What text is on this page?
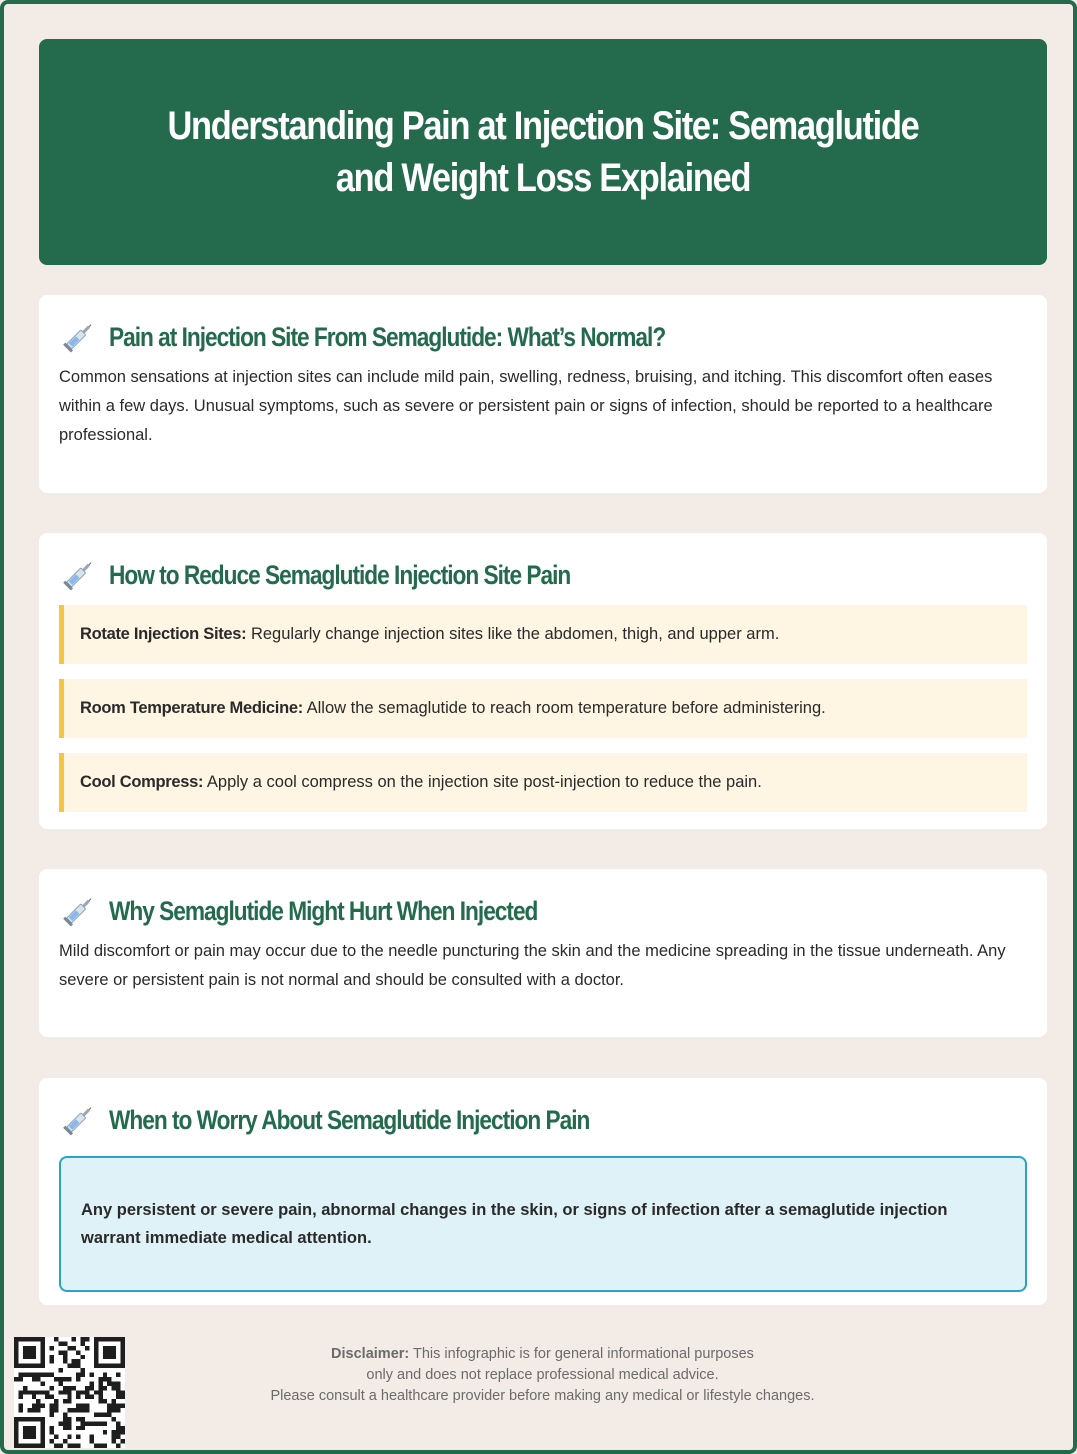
Understanding Pain at Injection Site: Semaglutide and Weight Loss Explained
Pain at Injection Site From Semaglutide: What’s Normal?

Common sensations at injection sites can include mild pain, swelling, redness, bruising, and itching. This discomfort often eases within a few days. Unusual symptoms, such as severe or persistent pain or signs of infection, should be reported to a healthcare professional.

How to Reduce Semaglutide Injection Site Pain
Rotate Injection Sites: Regularly change injection sites like the abdomen, thigh, and upper arm.
Room Temperature Medicine: Allow the semaglutide to reach room temperature before administering.
Cool Compress: Apply a cool compress on the injection site post-injection to reduce the pain.
Why Semaglutide Might Hurt When Injected

Mild discomfort or pain may occur due to the needle puncturing the skin and the medicine spreading in the tissue underneath. Any severe or persistent pain is not normal and should be consulted with a doctor.

When to Worry About Semaglutide Injection Pain
Any persistent or severe pain, abnormal changes in the skin, or signs of infection after a semaglutide injection warrant immediate medical attention.
Disclaimer: This infographic is for general informational purposes
only and does not replace professional medical advice.
Please consult a healthcare provider before making any medical or lifestyle changes.
